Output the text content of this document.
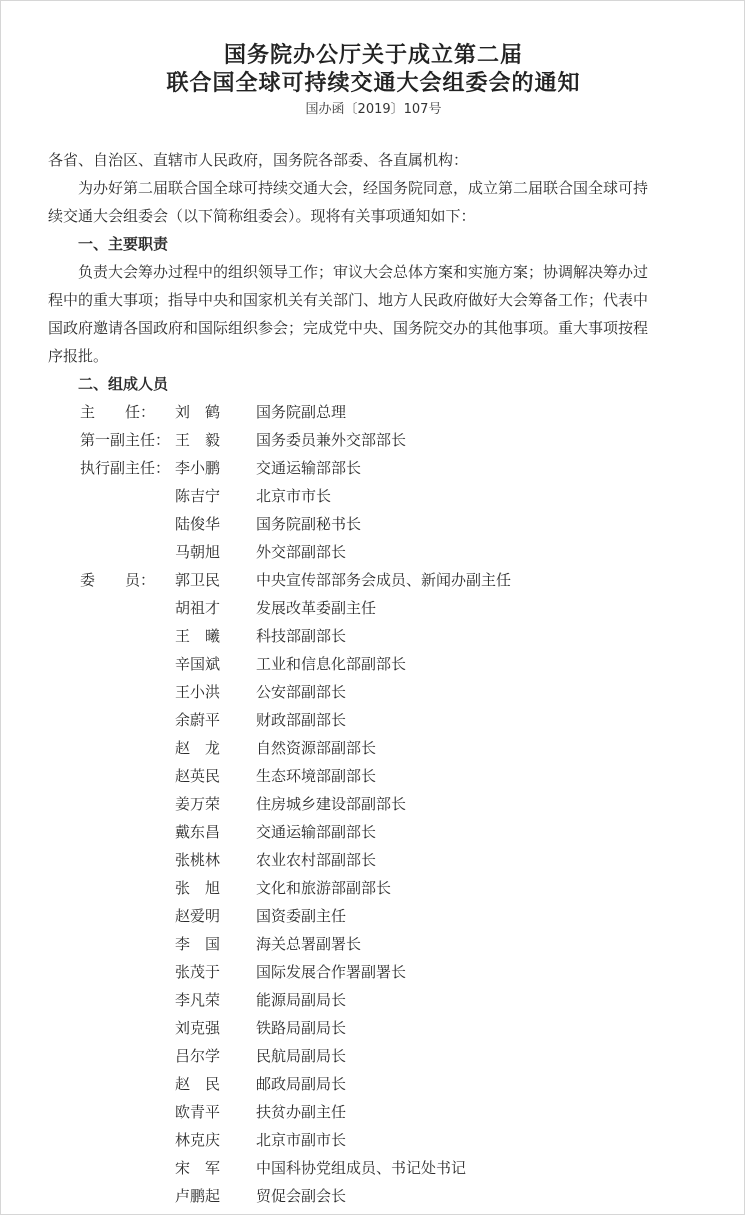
国务院办公厅关于成立第二届
联合国全球可持续交通大会组委会的通知
国办函〔2019〕107号
各省、自治区、直辖市人民政府，国务院各部委、各直属机构：
为办好第二届联合国全球可持续交通大会，经国务院同意，成立第二届联合国全球可持
续交通大会组委会（以下简称组委会）。现将有关事项通知如下：
一、主要职责
负责大会筹办过程中的组织领导工作；审议大会总体方案和实施方案；协调解决筹办过
程中的重大事项；指导中央和国家机关有关部门、地方人民政府做好大会筹备工作；代表中
国政府邀请各国政府和国际组织参会；完成党中央、国务院交办的其他事项。重大事项按程
序报批。
二、组成人员
主　　任： 刘　鹤 国务院副总理
第一副主任： 王　毅 国务委员兼外交部部长
执行副主任： 李小鹏 交通运输部部长
陈吉宁 北京市市长
陆俊华 国务院副秘书长
马朝旭 外交部副部长
委　　员： 郭卫民 中央宣传部部务会成员、新闻办副主任
胡祖才 发展改革委副主任
王　曦 科技部副部长
辛国斌 工业和信息化部副部长
王小洪 公安部副部长
余蔚平 财政部副部长
赵　龙 自然资源部副部长
赵英民 生态环境部副部长
姜万荣 住房城乡建设部副部长
戴东昌 交通运输部副部长
张桃林 农业农村部副部长
张　旭 文化和旅游部副部长
赵爱明 国资委副主任
李　国 海关总署副署长
张茂于 国际发展合作署副署长
李凡荣 能源局副局长
刘克强 铁路局副局长
吕尔学 民航局副局长
赵　民 邮政局副局长
欧青平 扶贫办副主任
林克庆 北京市副市长
宋　军 中国科协党组成员、书记处书记
卢鹏起 贸促会副会长
